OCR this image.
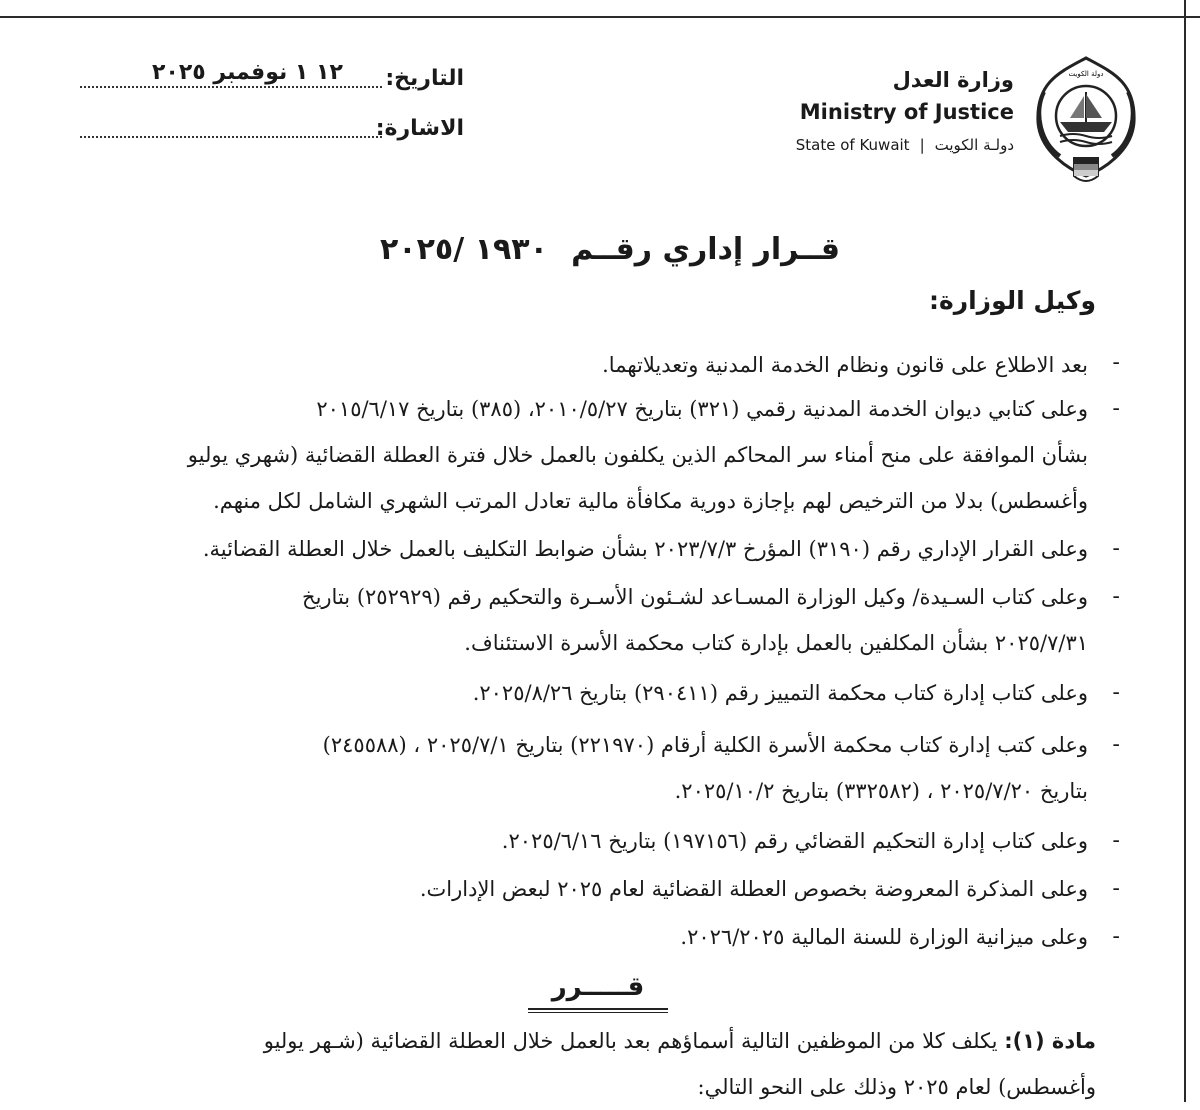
دولة الكويت
وزارة العدل
Ministry of Justice
State of Kuwait | دولـة الكويت
التاريخ:
١٢ ١ نوفمبر ٢٠٢٥
الاشارة:
قــرار إداري رقــم
١٩٣٠ /٢٠٢٥
وكيل الوزارة:
-
بعد الاطلاع على قانون ونظام الخدمة المدنية وتعديلاتهما.
-
وعلى كتابي ديوان الخدمة المدنية رقمي (٣٢١) بتاريخ ٢٠١٠/٥/٢٧، (٣٨٥) بتاريخ ٢٠١٥/٦/١٧
بشأن الموافقة على منح أمناء سر المحاكم الذين يكلفون بالعمل خلال فترة العطلة القضائية (شهري يوليو
وأغسطس) بدلا من الترخيص لهم بإجازة دورية مكافأة مالية تعادل المرتب الشهري الشامل لكل منهم.
-
وعلى القرار الإداري رقم (٣١٩٠) المؤرخ ٢٠٢٣/٧/٣ بشأن ضوابط التكليف بالعمل خلال العطلة القضائية.
-
وعلى كتاب السـيدة/ وكيل الوزارة المسـاعد لشـئون الأسـرة والتحكيم رقم (٢٥٢٩٢٩) بتاريخ
٢٠٢٥/٧/٣١ بشأن المكلفين بالعمل بإدارة كتاب محكمة الأسرة الاستئناف.
-
وعلى كتاب إدارة كتاب محكمة التمييز رقم (٢٩٠٤١١) بتاريخ ٢٠٢٥/٨/٢٦.
-
وعلى كتب إدارة كتاب محكمة الأسرة الكلية أرقام (٢٢١٩٧٠) بتاريخ ٢٠٢٥/٧/١ ، (٢٤٥٥٨٨)
بتاريخ ٢٠٢٥/٧/٢٠ ، (٣٣٢٥٨٢) بتاريخ ٢٠٢٥/١٠/٢.
-
وعلى كتاب إدارة التحكيم القضائي رقم (١٩٧١٥٦) بتاريخ ٢٠٢٥/٦/١٦.
-
وعلى المذكرة المعروضة بخصوص العطلة القضائية لعام ٢٠٢٥ لبعض الإدارات.
-
وعلى ميزانية الوزارة للسنة المالية ٢٠٢٦/٢٠٢٥.
قـــــرر
مادة (١): يكلف كلا من الموظفين التالية أسماؤهم بعد بالعمل خلال العطلة القضائية (شـهر يوليو
وأغسطس) لعام ٢٠٢٥ وذلك على النحو التالي:
